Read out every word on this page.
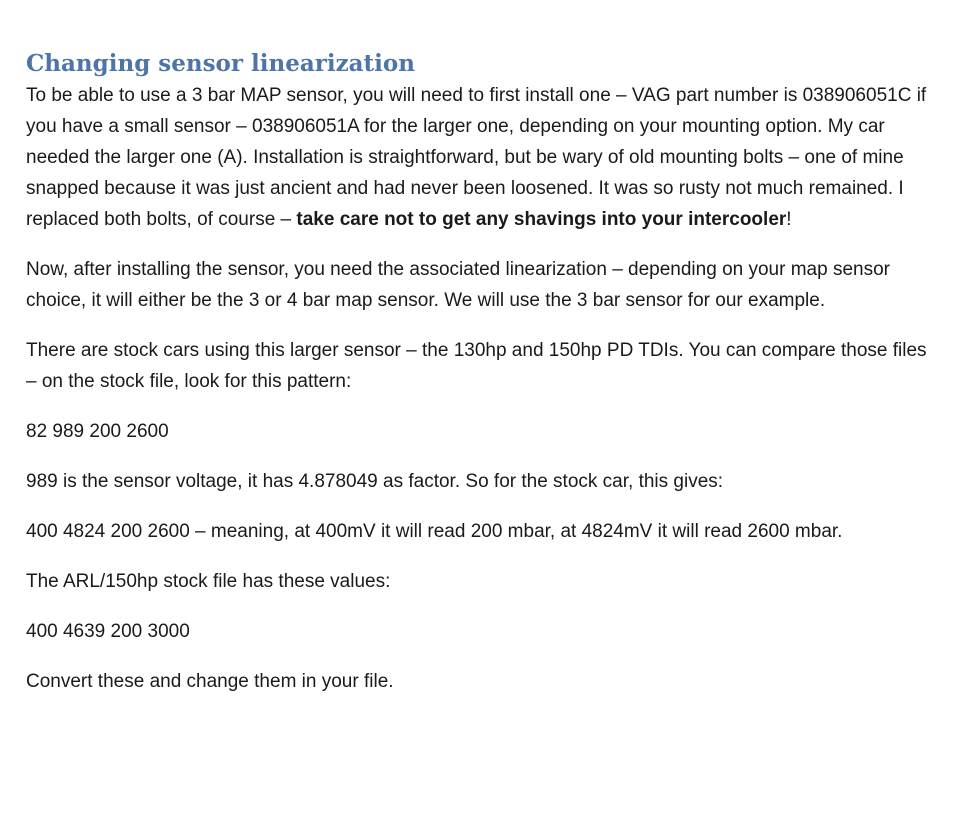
Changing sensor linearization

To be able to use a 3 bar MAP sensor, you will need to first install one – VAG part number is 038906051C if you have a small sensor – 038906051A for the larger one, depending on your mounting option. My car needed the larger one (A). Installation is straightforward, but be wary of old mounting bolts – one of mine snapped because it was just ancient and had never been loosened. It was so rusty not much remained. I replaced both bolts, of course – take care not to get any shavings into your intercooler!

Now, after installing the sensor, you need the associated linearization – depending on your map sensor choice, it will either be the 3 or 4 bar map sensor. We will use the 3 bar sensor for our example.

There are stock cars using this larger sensor – the 130hp and 150hp PD TDIs. You can compare those files – on the stock file, look for this pattern:

82 989 200 2600

989 is the sensor voltage, it has 4.878049 as factor. So for the stock car, this gives:

400 4824 200 2600 – meaning, at 400mV it will read 200 mbar, at 4824mV it will read 2600 mbar.

The ARL/150hp stock file has these values:

400 4639 200 3000

Convert these and change them in your file.
